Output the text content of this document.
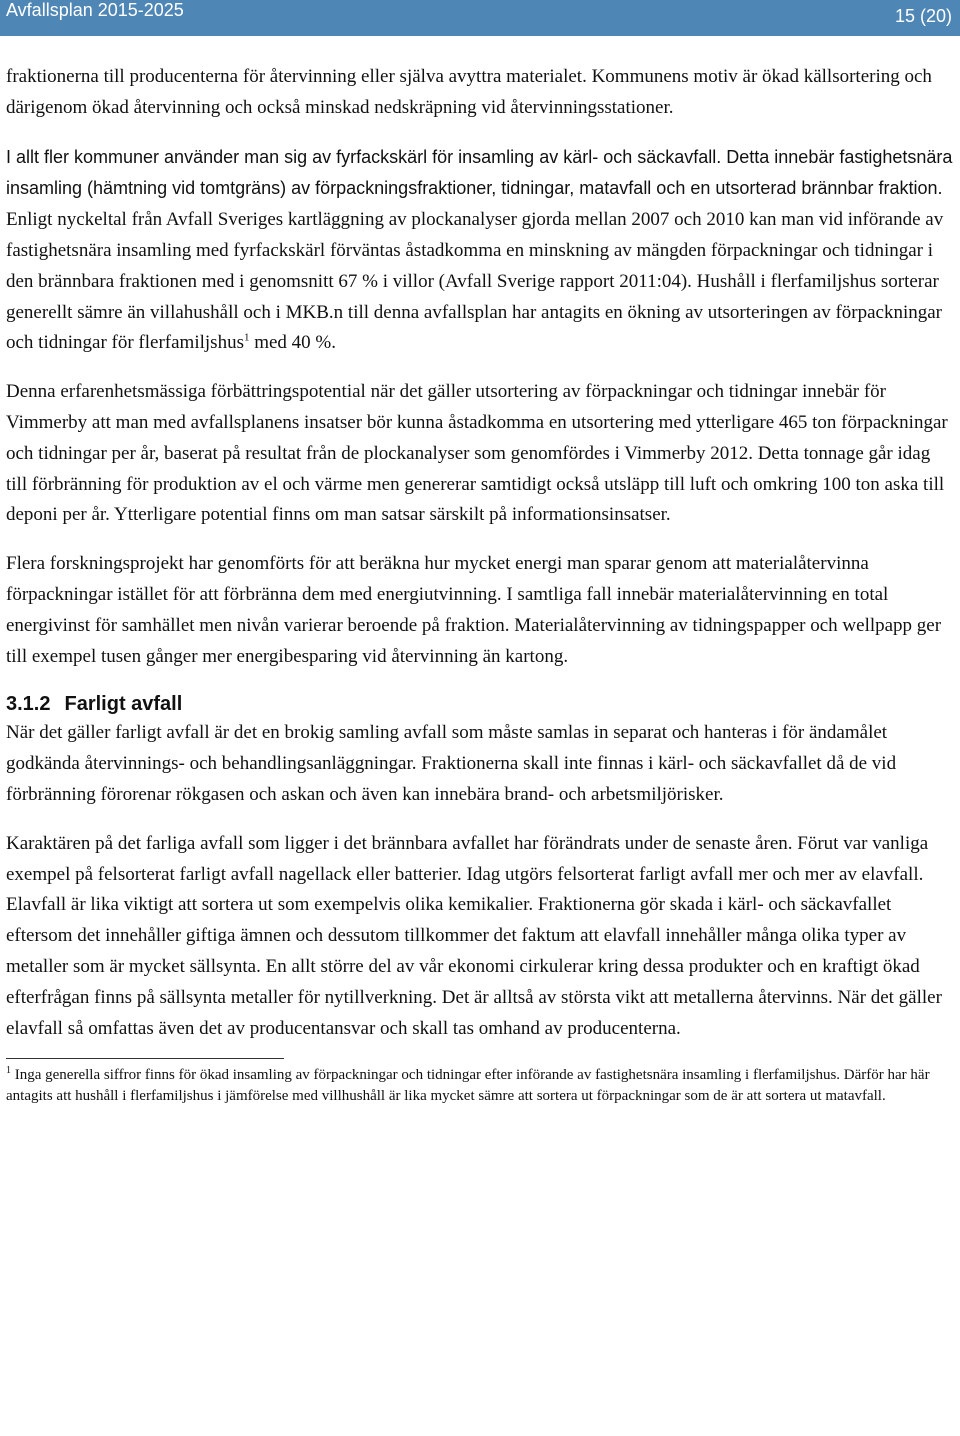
Avfallsplan 2015-2025	15 (20)

fraktionerna till producenterna för återvinning eller själva avyttra materialet. Kommunens motiv är ökad källsortering och därigenom ökad återvinning och också minskad nedskräpning vid återvinningsstationer.

I allt fler kommuner använder man sig av fyrfackskärl för insamling av kärl- och säckavfall. Detta innebär fastighetsnära insamling (hämtning vid tomtgräns) av förpackningsfraktioner, tidningar, matavfall och en utsorterad brännbar fraktion. Enligt nyckeltal från Avfall Sveriges kartläggning av plockanalyser gjorda mellan 2007 och 2010 kan man vid införande av fastighetsnära insamling med fyrfackskärl förväntas åstadkomma en minskning av mängden förpackningar och tidningar i den brännbara fraktionen med i genomsnitt 67 % i villor (Avfall Sverige rapport 2011:04). Hushåll i flerfamiljshus sorterar generellt sämre än villahushåll och i MKB.n till denna avfallsplan har antagits en ökning av utsorteringen av förpackningar och tidningar för flerfamiljshus$^1$ med 40 %.

Denna erfarenhetsmässiga förbättringspotential när det gäller utsortering av förpackningar och tidningar innebär för Vimmerby att man med avfallsplanens insatser bör kunna åstadkomma en utsortering med ytterligare 465 ton förpackningar och tidningar per år, baserat på resultat från de plockanalyser som genomfördes i Vimmerby 2012. Detta tonnage går idag till förbränning för produktion av el och värme men genererar samtidigt också utsläpp till luft och omkring 100 ton aska till deponi per år. Ytterligare potential finns om man satsar särskilt på informationsinsatser.

Flera forskningsprojekt har genomförts för att beräkna hur mycket energi man sparar genom att materialåtervinna förpackningar istället för att förbränna dem med energiutvinning. I samtliga fall innebär materialåtervinning en total energivinst för samhället men nivån varierar beroende på fraktion. Materialåtervinning av tidningspapper och wellpapp ger till exempel tusen gånger mer energibesparing vid återvinning än kartong.

3.1.2 Farligt avfall

När det gäller farligt avfall är det en brokig samling avfall som måste samlas in separat och hanteras i för ändamålet godkända återvinnings- och behandlingsanläggningar. Fraktionerna skall inte finnas i kärl- och säckavfallet då de vid förbränning förorenar rökgasen och askan och även kan innebära brand- och arbetsmiljörisker.

Karaktären på det farliga avfall som ligger i det brännbara avfallet har förändrats under de senaste åren. Förut var vanliga exempel på felsorterat farligt avfall nagellack eller batterier. Idag utgörs felsorterat farligt avfall mer och mer av elavfall. Elavfall är lika viktigt att sortera ut som exempelvis olika kemikalier. Fraktionerna gör skada i kärl- och säckavfallet eftersom det innehåller giftiga ämnen och dessutom tillkommer det faktum att elavfall innehåller många olika typer av metaller som är mycket sällsynta. En allt större del av vår ekonomi cirkulerar kring dessa produkter och en kraftigt ökad efterfrågan finns på sällsynta metaller för nytillverkning. Det är alltså av största vikt att metallerna återvinns. När det gäller elavfall så omfattas även det av producentansvar och skall tas omhand av producenterna.

$^1$ Inga generella siffror finns för ökad insamling av förpackningar och tidningar efter införande av fastighetsnära insamling i flerfamiljshus. Därför har här antagits att hushåll i flerfamiljshus i jämförelse med villhushåll är lika mycket sämre att sortera ut förpackningar som de är att sortera ut matavfall.
